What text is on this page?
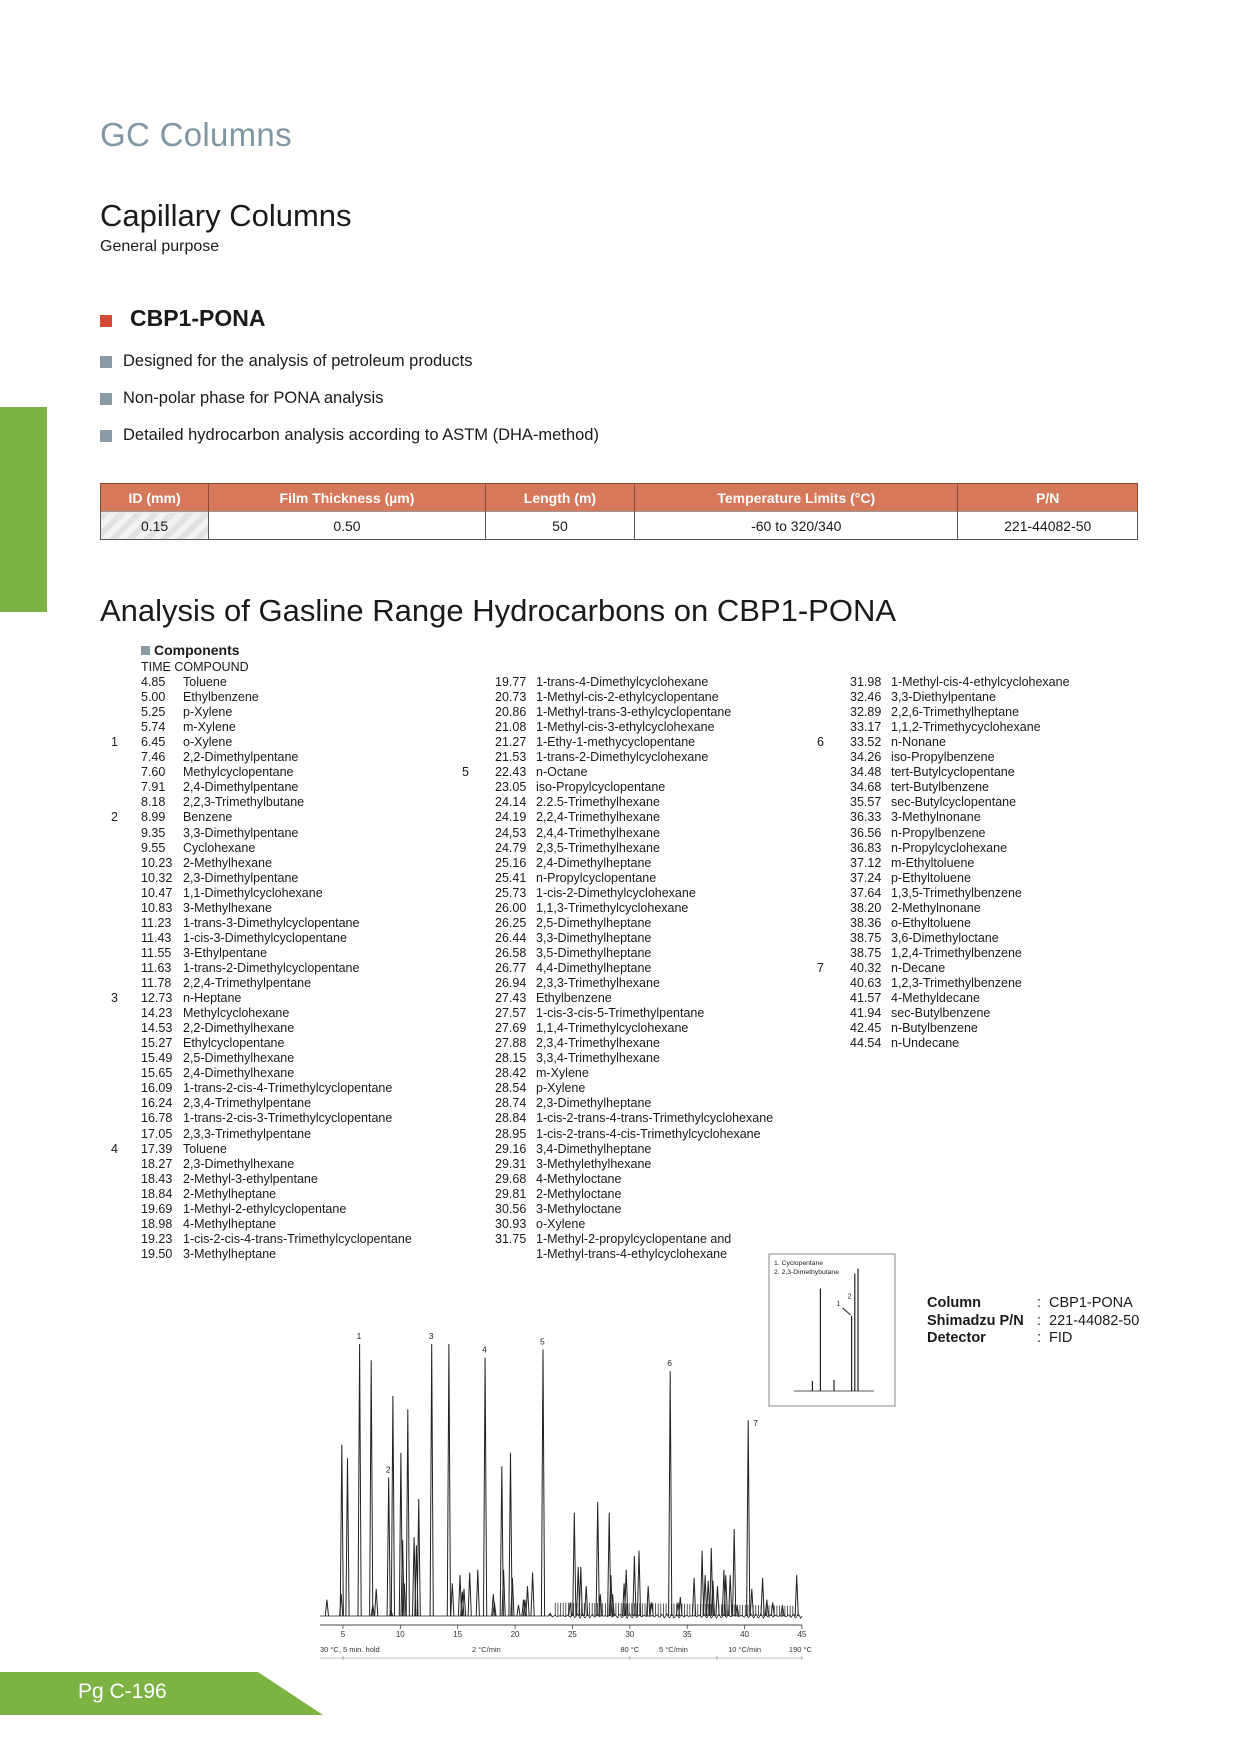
GC Columns
Capillary Columns
General purpose
CBP1-PONA
Designed for the analysis of petroleum products
Non-polar phase for PONA analysis
Detailed hydrocarbon analysis according to ASTM (DHA-method)
ID (mm)	Film Thickness (µm)	Length (m)	Temperature Limits (°C)	P/N
0.15	0.50	50	-60 to 320/340	221-44082-50
Analysis of Gasline Range Hydrocarbons on CBP1-PONA
Components
TIME COMPOUND
4.85 Toluene
5.00 Ethylbenzene
5.25 p-Xylene
5.74 m-Xylene
1	6.45 o-Xylene
7.46 2,2-Dimethylpentane
7.60 Methylcyclopentane
7.91 2,4-Dimethylpentane
8.18 2,2,3-Trimethylbutane
2	8.99 Benzene
9.35 3,3-Dimethylpentane
9.55 Cyclohexane
10.23 2-Methylhexane
10.32 2,3-Dimethylpentane
10.47 1,1-Dimethylcyclohexane
10.83 3-Methylhexane
11.23 1-trans-3-Dimethylcyclopentane
11.43 1-cis-3-Dimethylcyclopentane
11.55 3-Ethylpentane
11.63 1-trans-2-Dimethylcyclopentane
11.78 2,2,4-Trimethylpentane
3	12.73 n-Heptane
14.23 Methylcyclohexane
14.53 2,2-Dimethylhexane
15.27 Ethylcyclopentane
15.49 2,5-Dimethylhexane
15.65 2,4-Dimethylhexane
16.09 1-trans-2-cis-4-Trimethylcyclopentane
16.24 2,3,4-Trimethylpentane
16.78 1-trans-2-cis-3-Trimethylcyclopentane
17.05 2,3,3-Trimethylpentane
4	17.39 Toluene
18.27 2,3-Dimethylhexane
18.43 2-Methyl-3-ethylpentane
18.84 2-Methylheptane
19.69 1-Methyl-2-ethylcyclopentane
18.98 4-Methylheptane
19.23 1-cis-2-cis-4-trans-Trimethylcyclopentane
19.50 3-Methylheptane
19.77 1-trans-4-Dimethylcyclohexane
20.73 1-Methyl-cis-2-ethylcyclopentane
20.86 1-Methyl-trans-3-ethylcyclopentane
21.08 1-Methyl-cis-3-ethylcyclohexane
21.27 1-Ethy-1-methycyclopentane
21.53 1-trans-2-Dimethylcyclohexane
5	22.43 n-Octane
23.05 iso-Propylcyclopentane
24.14 2.2.5-Trimethylhexane
24.19 2,2,4-Trimethylhexane
24,53 2,4,4-Trimethylhexane
24.79 2,3,5-Trimethylhexane
25.16 2,4-Dimethylheptane
25.41 n-Propylcyclopentane
25.73 1-cis-2-Dimethylcyclohexane
26.00 1,1,3-Trimethylcyclohexane
26.25 2,5-Dimethylheptane
26.44 3,3-Dimethylheptane
26.58 3,5-Dimethylheptane
26.77 4,4-Dimethylheptane
26.94 2,3,3-Trimethylhexane
27.43 Ethylbenzene
27.57 1-cis-3-cis-5-Trimethylpentane
27.69 1,1,4-Trimethylcyclohexane
27.88 2,3,4-Trimethylhexane
28.15 3,3,4-Trimethylhexane
28.42 m-Xylene
28.54 p-Xylene
28.74 2,3-Dimethylheptane
28.84 1-cis-2-trans-4-trans-Trimethylcyclohexane
28.95 1-cis-2-trans-4-cis-Trimethylcyclohexane
29.16 3,4-Dimethylheptane
29.31 3-Methylethylhexane
29.68 4-Methyloctane
29.81 2-Methyloctane
30.56 3-Methyloctane
30.93 o-Xylene
31.75 1-Methyl-2-propylcyclopentane and
1-Methyl-trans-4-ethylcyclohexane
31.98 1-Methyl-cis-4-ethylcyclohexane
32.46 3,3-Diethylpentane
32.89 2,2,6-Trimethylheptane
33.17 1,1,2-Trimethycyclohexane
6	33.52 n-Nonane
34.26 iso-Propylbenzene
34.48 tert-Butylcyclopentane
34.68 tert-Butylbenzene
35.57 sec-Butylcyclopentane
36.33 3-Methylnonane
36.56 n-Propylbenzene
36.83 n-Propylcyclohexane
37.12 m-Ethyltoluene
37.24 p-Ethyltoluene
37.64 1,3,5-Trimethylbenzene
38.20 2-Methylnonane
38.36 o-Ethyltoluene
38.75 3,6-Dimethyloctane
38.75 1,2,4-Trimethylbenzene
7	40.32 n-Decane
40.63 1,2,3-Trimethylbenzene
41.57 4-Methyldecane
41.94 sec-Butylbenzene
42.45 n-Butylbenzene
44.54 n-Undecane
Column	: CBP1-PONA
Shimadzu P/N : 221-44082-50
Detector	: FID
1
2
3
4
5
6
7
5	10	15	20	25	30	35	40	45
30 °C, 5 min. hold	2 °C/min	80 °C	5 °C/min	10 °C/min	190 °C
1. Cyclopentane
2. 2,3-Dimethybutane
2
1
Pg C-196
